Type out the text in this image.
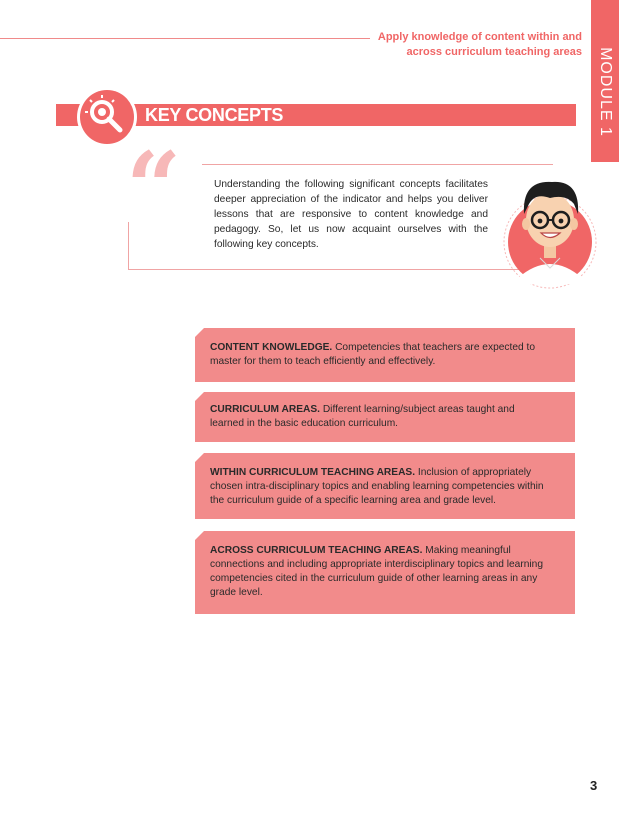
Apply knowledge of content within and
across curriculum teaching areas MODULE 1
KEY CONCEPTS
“	Understanding the following significant concepts facilitates deeper appreciation of the indicator and helps you deliver lessons that are responsive to content knowledge and pedagogy. So, let us now acquaint ourselves with the following key concepts.
CONTENT KNOWLEDGE. Competencies that teachers are expected to master for them to teach efficiently and effectively.
CURRICULUM AREAS. Different learning/subject areas taught and learned in the basic education curriculum.
WITHIN CURRICULUM TEACHING AREAS. Inclusion of appropriately chosen intra-disciplinary topics and enabling learning competencies within the curriculum guide of a specific learning area and grade level.
ACROSS CURRICULUM TEACHING AREAS. Making meaningful connections and including appropriate interdisciplinary topics and learning competencies cited in the curriculum guide of other learning areas in any grade level.
3
